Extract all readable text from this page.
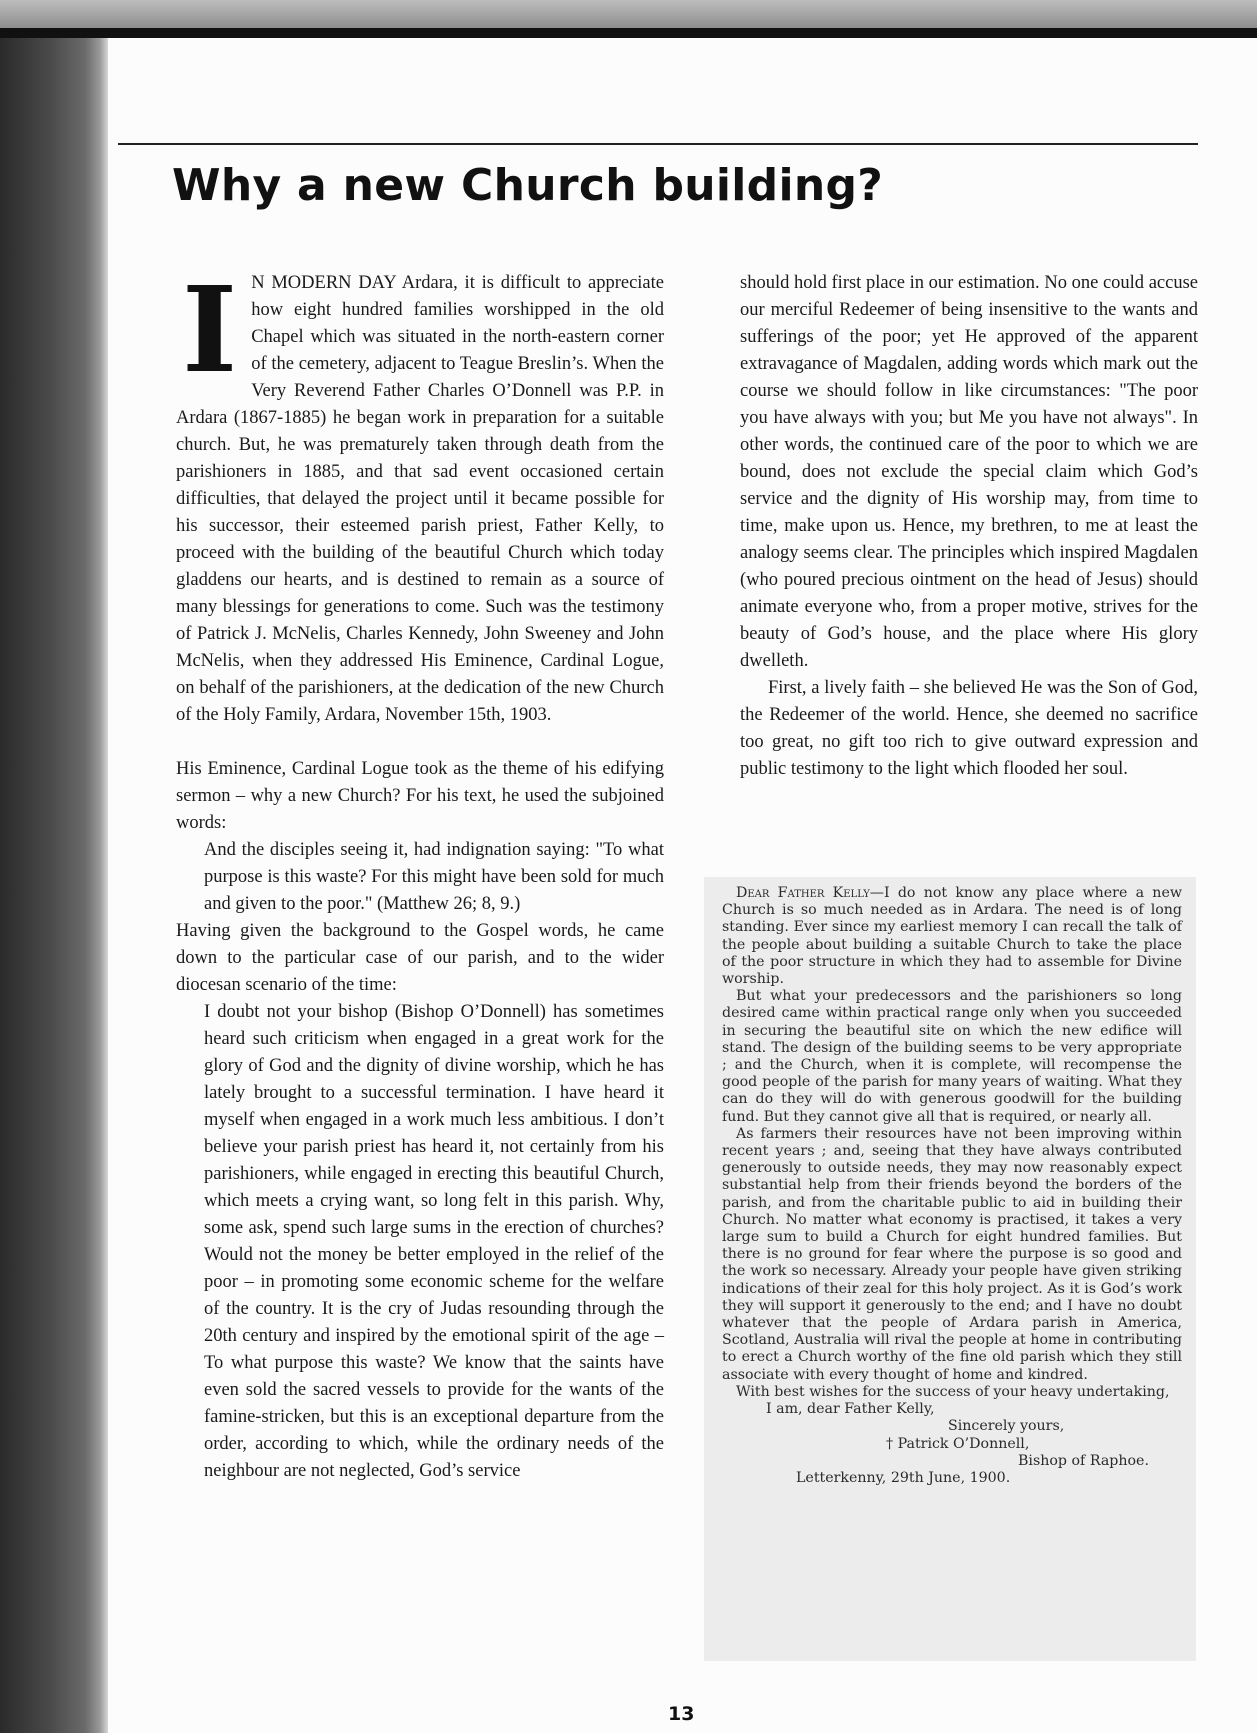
Why a new Church building?

I N MODERN DAY Ardara, it is difficult to appreciate how eight hundred families worshipped in the old Chapel which was situated in the north-eastern corner of the cemetery, adjacent to Teague Breslin’s. When the Very Reverend Father Charles O’Donnell was P.P. in Ardara (1867-1885) he began work in preparation for a suitable church. But, he was prematurely taken through death from the parishioners in 1885, and that sad event occasioned certain difficulties, that delayed the project until it became possible for his successor, their esteemed parish priest, Father Kelly, to proceed with the building of the beautiful Church which today gladdens our hearts, and is destined to remain as a source of many blessings for generations to come. Such was the testimony of Patrick J. McNelis, Charles Kennedy, John Sweeney and John McNelis, when they addressed His Eminence, Cardinal Logue, on behalf of the parishioners, at the dedication of the new Church of the Holy Family, Ardara, November 15th, 1903.

His Eminence, Cardinal Logue took as the theme of his edifying sermon – why a new Church? For his text, he used the subjoined words:

And the disciples seeing it, had indignation saying: "To what purpose is this waste? For this might have been sold for much and given to the poor." (Matthew 26; 8, 9.)

Having given the background to the Gospel words, he came down to the particular case of our parish, and to the wider diocesan scenario of the time:

I doubt not your bishop (Bishop O’Donnell) has sometimes heard such criticism when engaged in a great work for the glory of God and the dignity of divine worship, which he has lately brought to a successful termination. I have heard it myself when engaged in a work much less ambitious. I don’t believe your parish priest has heard it, not certainly from his parishioners, while engaged in erecting this beautiful Church, which meets a crying want, so long felt in this parish. Why, some ask, spend such large sums in the erection of churches? Would not the money be better employed in the relief of the poor – in promoting some economic scheme for the welfare of the country. It is the cry of Judas resounding through the 20th century and inspired by the emotional spirit of the age – To what purpose this waste? We know that the saints have even sold the sacred vessels to provide for the wants of the famine-stricken, but this is an exceptional departure from the order, according to which, while the ordinary needs of the neighbour are not neglected, God’s service

should hold first place in our estimation. No one could accuse our merciful Redeemer of being insensitive to the wants and sufferings of the poor; yet He approved of the apparent extravagance of Magdalen, adding words which mark out the course we should follow in like circumstances: "The poor you have always with you; but Me you have not always". In other words, the continued care of the poor to which we are bound, does not exclude the special claim which God’s service and the dignity of His worship may, from time to time, make upon us. Hence, my brethren, to me at least the analogy seems clear. The principles which inspired Magdalen (who poured precious ointment on the head of Jesus) should animate everyone who, from a proper motive, strives for the beauty of God’s house, and the place where His glory dwelleth.

First, a lively faith – she believed He was the Son of God, the Redeemer of the world. Hence, she deemed no sacrifice too great, no gift too rich to give outward expression and public testimony to the light which flooded her soul.

Dear Father Kelly—I do not know any place where a new Church is so much needed as in Ardara. The need is of long standing. Ever since my earliest memory I can recall the talk of the people about building a suitable Church to take the place of the poor structure in which they had to assemble for Divine worship.

But what your predecessors and the parishioners so long desired came within practical range only when you succeeded in securing the beautiful site on which the new edifice will stand. The design of the building seems to be very appropriate ; and the Church, when it is complete, will recompense the good people of the parish for many years of waiting. What they can do they will do with generous goodwill for the building fund. But they cannot give all that is required, or nearly all.

As farmers their resources have not been improving within recent years ; and, seeing that they have always contributed generously to outside needs, they may now reasonably expect substantial help from their friends beyond the borders of the parish, and from the charitable public to aid in building their Church. No matter what economy is practised, it takes a very large sum to build a Church for eight hundred families. But there is no ground for fear where the purpose is so good and the work so necessary. Already your people have given striking indications of their zeal for this holy project. As it is God’s work they will support it generously to the end; and I have no doubt whatever that the people of Ardara parish in America, Scotland, Australia will rival the people at home in contributing to erect a Church worthy of the fine old parish which they still associate with every thought of home and kindred.

With best wishes for the success of your heavy undertaking,

I am, dear Father Kelly,

Sincerely yours,

† Patrick O’Donnell,

Bishop of Raphoe.

Letterkenny, 29th June, 1900.

13
